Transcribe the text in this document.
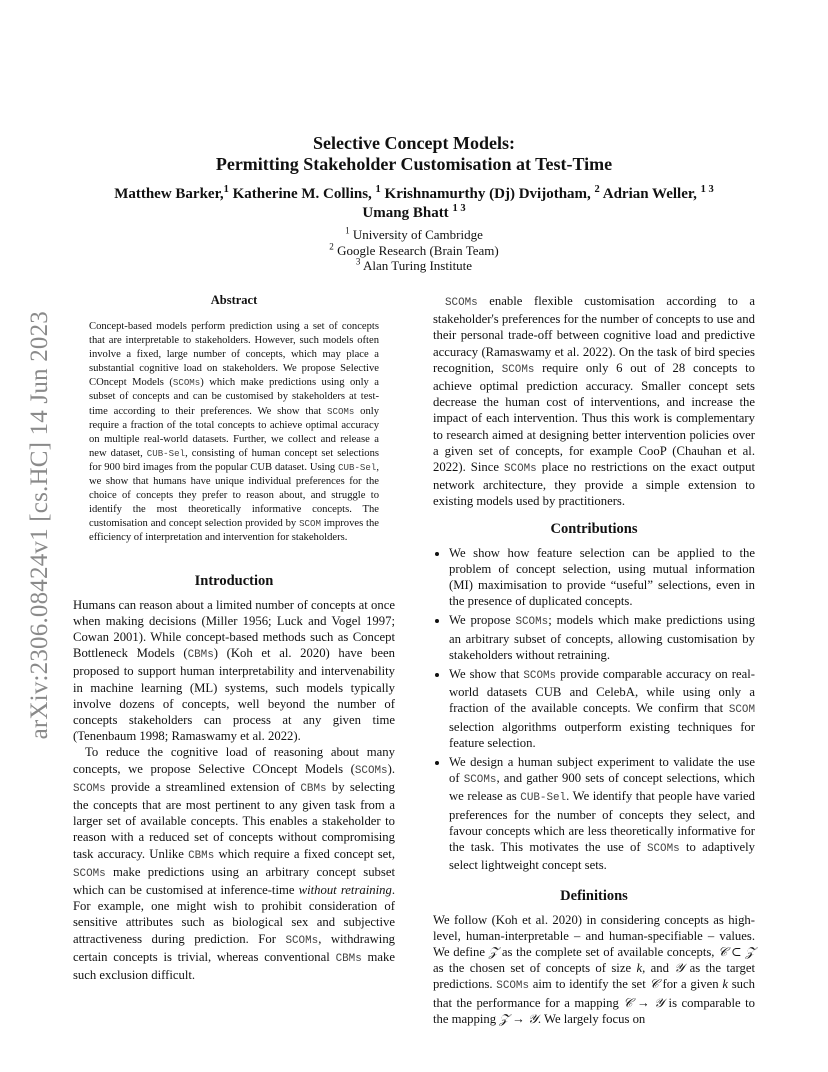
arXiv:2306.08424v1 [cs.HC] 14 Jun 2023
Selective Concept Models:
Permitting Stakeholder Customisation at Test-Time
Matthew Barker,$^1$ Katherine M. Collins, $^1$ Krishnamurthy (Dj) Dvijotham, $^2$ Adrian Weller, $^{1 3}$
Umang Bhatt $^{1 3}$
$^1$ University of Cambridge
$^2$ Google Research (Brain Team)
$^3$ Alan Turing Institute
Abstract
Concept-based models perform prediction using a set of concepts that are interpretable to stakeholders. However, such models often involve a fixed, large number of concepts, which may place a substantial cognitive load on stakeholders. We propose Selective COncept Models (SCOMs) which make predictions using only a subset of concepts and can be customised by stakeholders at test-time according to their preferences. We show that SCOMs only require a fraction of the total concepts to achieve optimal accuracy on multiple real-world datasets. Further, we collect and release a new dataset, CUB-Sel, consisting of human concept set selections for 900 bird images from the popular CUB dataset. Using CUB-Sel, we show that humans have unique individual preferences for the choice of concepts they prefer to reason about, and struggle to identify the most theoretically informative concepts. The customisation and concept selection provided by SCOM improves the efficiency of interpretation and intervention for stakeholders.
Introduction

Humans can reason about a limited number of concepts at once when making decisions (Miller 1956; Luck and Vogel 1997; Cowan 2001). While concept-based methods such as Concept Bottleneck Models (CBMs) (Koh et al. 2020) have been proposed to support human interpretability and intervenability in machine learning (ML) systems, such models typically involve dozens of concepts, well beyond the number of concepts stakeholders can process at any given time (Tenenbaum 1998; Ramaswamy et al. 2022).

To reduce the cognitive load of reasoning about many concepts, we propose Selective COncept Models (SCOMs). SCOMs provide a streamlined extension of CBMs by selecting the concepts that are most pertinent to any given task from a larger set of available concepts. This enables a stakeholder to reason with a reduced set of concepts without compromising task accuracy. Unlike CBMs which require a fixed concept set, SCOMs make predictions using an arbitrary concept subset which can be customised at inference-time without retraining. For example, one might wish to prohibit consideration of sensitive attributes such as biological sex and subjective attractiveness during prediction. For SCOMs, withdrawing certain concepts is trivial, whereas conventional CBMs make such exclusion difficult.

SCOMs enable flexible customisation according to a stakeholder's preferences for the number of concepts to use and their personal trade-off between cognitive load and predictive accuracy (Ramaswamy et al. 2022). On the task of bird species recognition, SCOMs require only 6 out of 28 concepts to achieve optimal prediction accuracy. Smaller concept sets decrease the human cost of interventions, and increase the impact of each intervention. Thus this work is complementary to research aimed at designing better intervention policies over a given set of concepts, for example CooP (Chauhan et al. 2022). Since SCOMs place no restrictions on the exact output network architecture, they provide a simple extension to existing models used by practitioners.

Contributions
• We show how feature selection can be applied to the problem of concept selection, using mutual information (MI) maximisation to provide “useful” selections, even in the presence of duplicated concepts.
• We propose SCOMs; models which make predictions using an arbitrary subset of concepts, allowing customisation by stakeholders without retraining.
• We show that SCOMs provide comparable accuracy on real-world datasets CUB and CelebA, while using only a fraction of the available concepts. We confirm that SCOM selection algorithms outperform existing techniques for feature selection.
• We design a human subject experiment to validate the use of SCOMs, and gather 900 sets of concept selections, which we release as CUB-Sel. We identify that people have varied preferences for the number of concepts they select, and favour concepts which are less theoretically informative for the task. This motivates the use of SCOMs to adaptively select lightweight concept sets.
Definitions

We follow (Koh et al. 2020) in considering concepts as high-level, human-interpretable – and human-specifiable – values. We define 𝒵 as the complete set of available concepts, 𝒞 ⊂ 𝒵 as the chosen set of concepts of size k, and 𝒴 as the target predictions. SCOMs aim to identify the set 𝒞 for a given k such that the performance for a mapping 𝒞 → 𝒴 is comparable to the mapping 𝒵 → 𝒴. We largely focus on
